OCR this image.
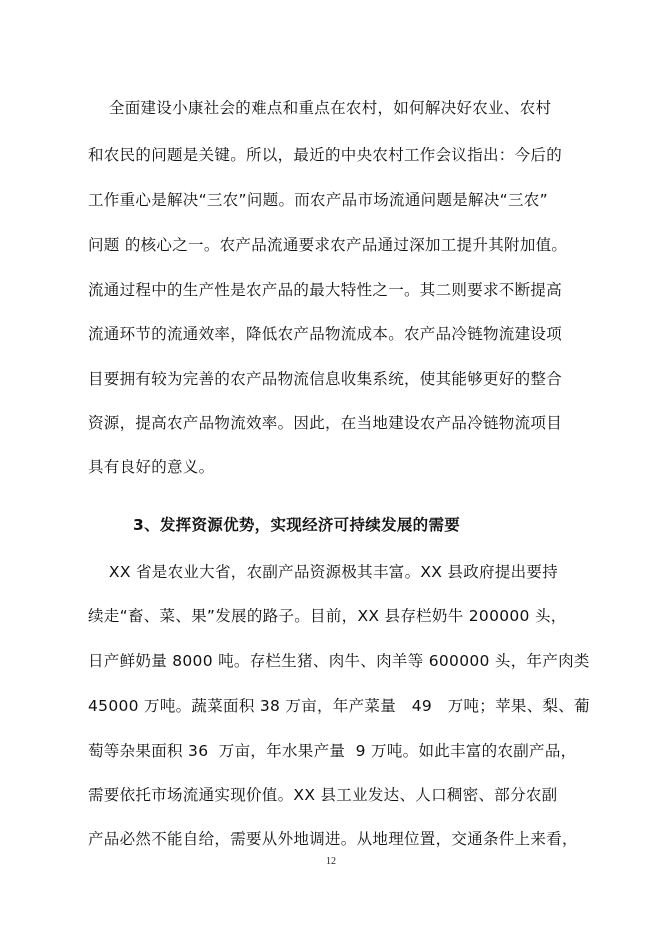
全面建设小康社会的难点和重点在农村，如何解决好农业、农村
和农民的问题是关键。所以，最近的中央农村工作会议指出：今后的
工作重心是解决“三农”问题。而农产品市场流通问题是解决“三农”
问题 的核心之一。农产品流通要求农产品通过深加工提升其附加值。
流通过程中的生产性是农产品的最大特性之一。其二则要求不断提高
流通环节的流通效率，降低农产品物流成本。农产品冷链物流建设项
目要拥有较为完善的农产品物流信息收集系统，使其能够更好的整合
资源，提高农产品物流效率。因此，在当地建设农产品冷链物流项目
具有良好的意义。
3、发挥资源优势，实现经济可持续发展的需要
XX 省是农业大省，农副产品资源极其丰富。XX 县政府提出要持
续走“畜、菜、果”发展的路子。目前，XX 县存栏奶牛 200000 头，
日产鲜奶量 8000 吨。存栏生猪、肉牛、肉羊等 600000 头，年产肉类
45000 万吨。蔬菜面积 38 万亩，年产菜量   49   万吨；苹果、梨、葡
萄等杂果面积 36  万亩，年水果产量  9 万吨。如此丰富的农副产品，
需要依托市场流通实现价值。XX 县工业发达、人口稠密、部分农副
产品必然不能自给，需要从外地调进。从地理位置，交通条件上来看，
12
